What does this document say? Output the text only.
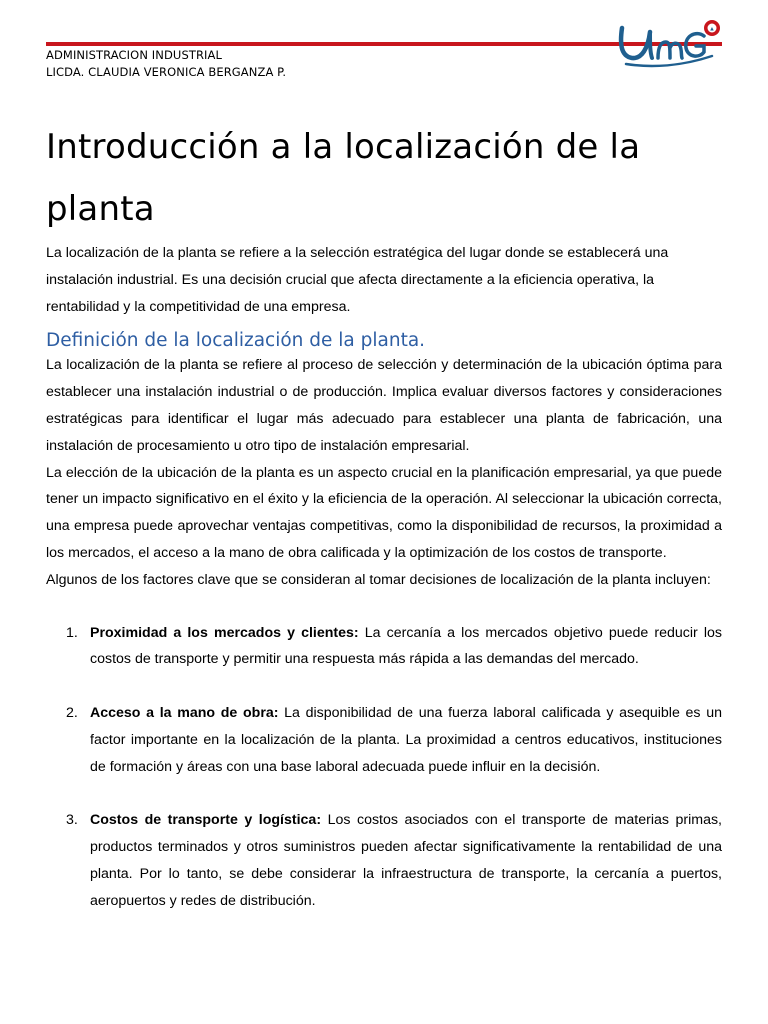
ADMINISTRACION INDUSTRIAL
LICDA. CLAUDIA VERONICA BERGANZA P.
▲
Introducción a la localización de la planta

La localización de la planta se refiere a la selección estratégica del lugar donde se establecerá una instalación industrial. Es una decisión crucial que afecta directamente a la eficiencia operativa, la rentabilidad y la competitividad de una empresa.

Definición de la localización de la planta.

La localización de la planta se refiere al proceso de selección y determinación de la ubicación óptima para establecer una instalación industrial o de producción. Implica evaluar diversos factores y consideraciones estratégicas para identificar el lugar más adecuado para establecer una planta de fabricación, una instalación de procesamiento u otro tipo de instalación empresarial.

La elección de la ubicación de la planta es un aspecto crucial en la planificación empresarial, ya que puede tener un impacto significativo en el éxito y la eficiencia de la operación. Al seleccionar la ubicación correcta, una empresa puede aprovechar ventajas competitivas, como la disponibilidad de recursos, la proximidad a los mercados, el acceso a la mano de obra calificada y la optimización de los costos de transporte.

Algunos de los factores clave que se consideran al tomar decisiones de localización de la planta incluyen:

1. Proximidad a los mercados y clientes: La cercanía a los mercados objetivo puede reducir los costos de transporte y permitir una respuesta más rápida a las demandas del mercado.
2. Acceso a la mano de obra: La disponibilidad de una fuerza laboral calificada y asequible es un factor importante en la localización de la planta. La proximidad a centros educativos, instituciones de formación y áreas con una base laboral adecuada puede influir en la decisión.
3. Costos de transporte y logística: Los costos asociados con el transporte de materias primas, productos terminados y otros suministros pueden afectar significativamente la rentabilidad de una planta. Por lo tanto, se debe considerar la infraestructura de transporte, la cercanía a puertos, aeropuertos y redes de distribución.
